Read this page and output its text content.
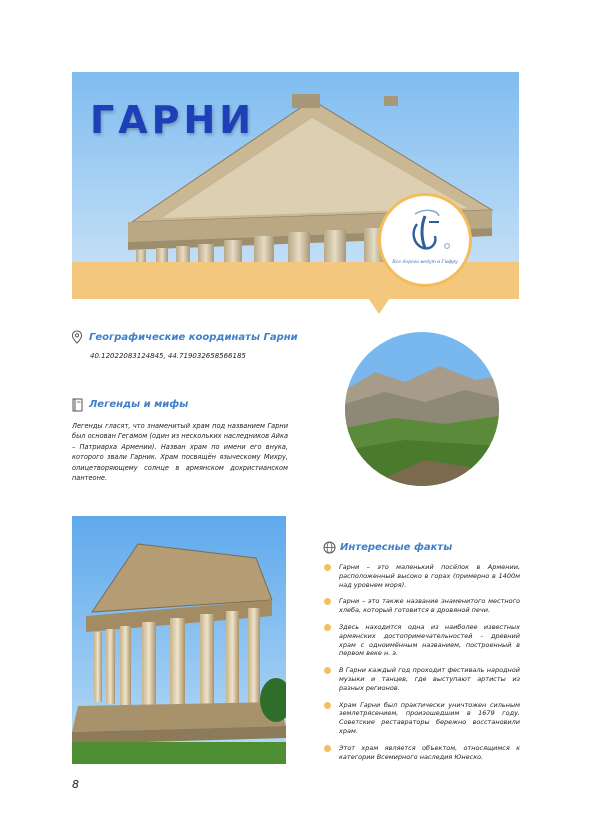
ГАРНИ
Все дороги ведут в Гюфру
Географические координаты Гарни
40.12022083124845, 44.719032658566185
Легенды и мифы

Легенды гласят, что знаменитый храм под названием Гарни был основан Гегамом (один из нескольких наследников Айка – Патриарха Армении). Назван храм по имени его внука, которого звали Гарник. Храм посвящён языческому Михру, олицетворяющему солнце в армянском дохристианском пантеоне.

Интересные факты
Гарни – это маленький посёлок в Армении, расположенный высоко в горах (примерно в 1400м над уровнем моря).
Гарни – это также название знаменитого местного хлеба, который готовится в дровяной печи.
Здесь находится одна из наиболее известных армянских достопримечательностей - древний храм с одноимённым названием, построенный в первом веке н. э.
В Гарни каждый год проходит фестиваль народной музыки и танцев, где выступают артисты из разных регионов.
Храм Гарни был практически уничтожен сильным землетрясением, произошедшим в 1679 году. Советские реставраторы бережно восстановили храм.
Этот храм является объектом, относящимся к категории Всемирного наследия Юнеско.
8
